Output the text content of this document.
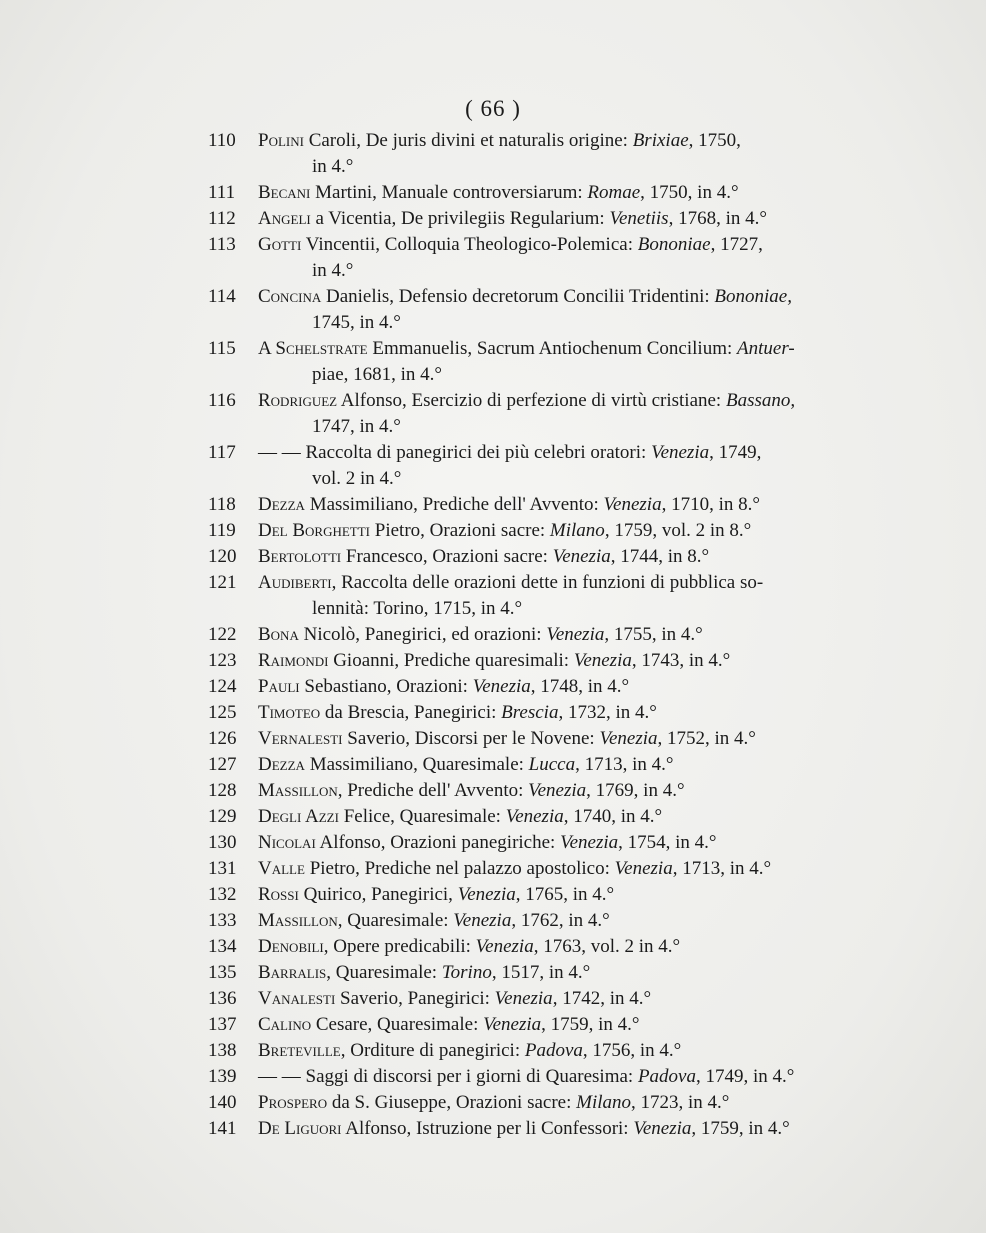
( 66 )
110	Polini Caroli, De juris divini et naturalis origine: Brixiae, 1750,
in 4.°
111	Becani Martini, Manuale controversiarum: Romae, 1750, in 4.°
112	Angeli a Vicentia, De privilegiis Regularium: Venetiis, 1768, in 4.°
113	Gotti Vincentii, Colloquia Theologico-Polemica: Bononiae, 1727,
in 4.°
114	Concina Danielis, Defensio decretorum Concilii Tridentini: Bononiae,
1745, in 4.°
115	A Schelstrate Emmanuelis, Sacrum Antiochenum Concilium: Antuer-
piae, 1681, in 4.°
116	Rodriguez Alfonso, Esercizio di perfezione di virtù cristiane: Bassano,
1747, in 4.°
117	— — Raccolta di panegirici dei più celebri oratori: Venezia, 1749,
vol. 2 in 4.°
118	Dezza Massimiliano, Prediche dell' Avvento: Venezia, 1710, in 8.°
119	Del Borghetti Pietro, Orazioni sacre: Milano, 1759, vol. 2 in 8.°
120	Bertolotti Francesco, Orazioni sacre: Venezia, 1744, in 8.°
121	Audiberti, Raccolta delle orazioni dette in funzioni di pubblica so-
lennità: Torino, 1715, in 4.°
122	Bona Nicolò, Panegirici, ed orazioni: Venezia, 1755, in 4.°
123	Raimondi Gioanni, Prediche quaresimali: Venezia, 1743, in 4.°
124	Pauli Sebastiano, Orazioni: Venezia, 1748, in 4.°
125	Timoteo da Brescia, Panegirici: Brescia, 1732, in 4.°
126	Vernalesti Saverio, Discorsi per le Novene: Venezia, 1752, in 4.°
127	Dezza Massimiliano, Quaresimale: Lucca, 1713, in 4.°
128	Massillon, Prediche dell' Avvento: Venezia, 1769, in 4.°
129	Degli Azzi Felice, Quaresimale: Venezia, 1740, in 4.°
130	Nicolai Alfonso, Orazioni panegiriche: Venezia, 1754, in 4.°
131	Valle Pietro, Prediche nel palazzo apostolico: Venezia, 1713, in 4.°
132	Rossi Quirico, Panegirici, Venezia, 1765, in 4.°
133	Massillon, Quaresimale: Venezia, 1762, in 4.°
134	Denobili, Opere predicabili: Venezia, 1763, vol. 2 in 4.°
135	Barralis, Quaresimale: Torino, 1517, in 4.°
136	Vanalesti Saverio, Panegirici: Venezia, 1742, in 4.°
137	Calino Cesare, Quaresimale: Venezia, 1759, in 4.°
138	Breteville, Orditure di panegirici: Padova, 1756, in 4.°
139	— — Saggi di discorsi per i giorni di Quaresima: Padova, 1749, in 4.°
140	Prospero da S. Giuseppe, Orazioni sacre: Milano, 1723, in 4.°
141	De Liguori Alfonso, Istruzione per li Confessori: Venezia, 1759, in 4.°
